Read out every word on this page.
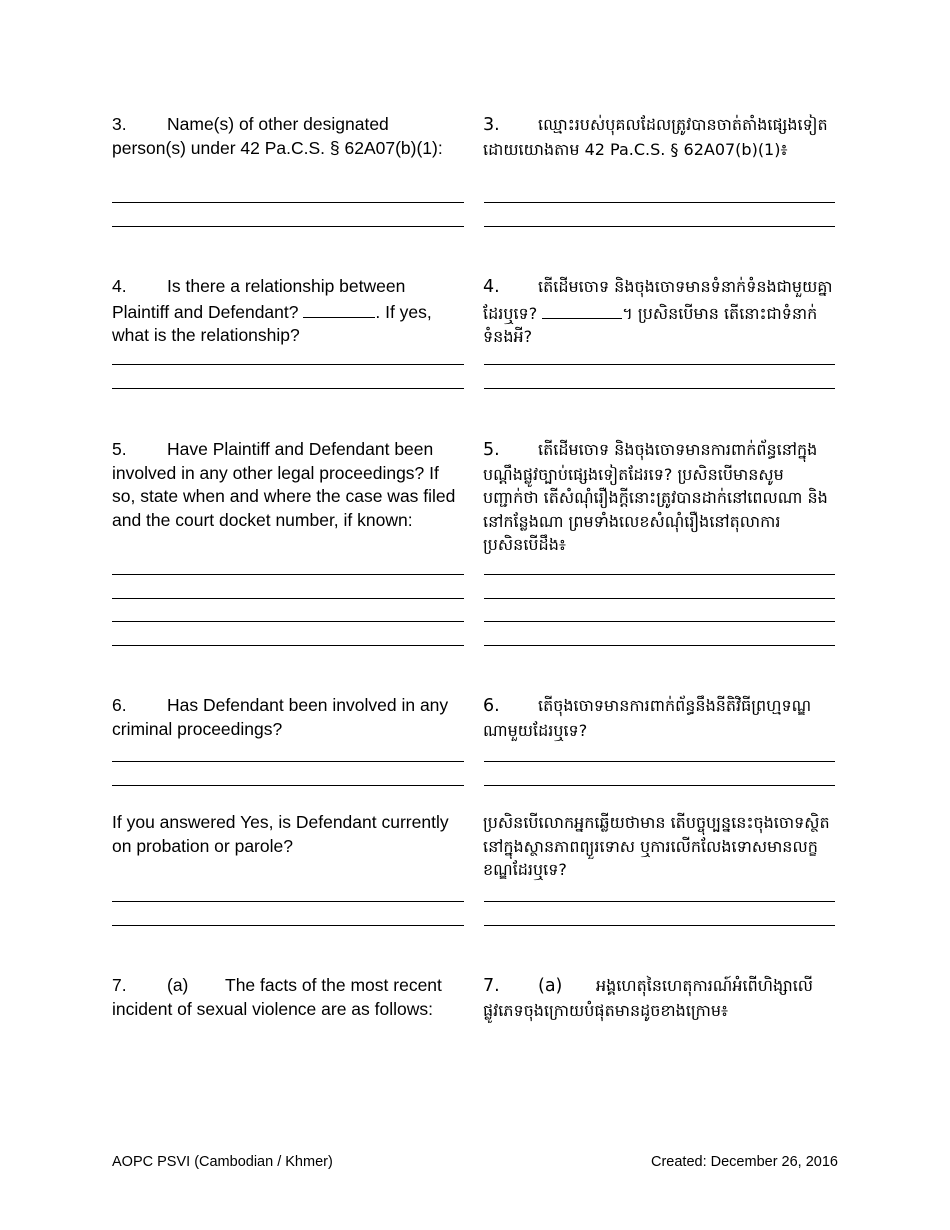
3. Name(s) of other designated person(s) under 42 Pa.C.S. § 62A07(b)(1):
3. ឈ្មោះរបស់បុគលដែលត្រូវបានចាត់តាំងផ្សេងទៀត ដោយយោងតាម 42 Pa.C.S. § 62A07(b)(1)៖
4. Is there a relationship between Plaintiff and Defendant?	. If yes, what is the relationship?
4. តើដើមចោទ និងចុងចោទមានទំនាក់ទំនងជាមួយគ្នាដែរឬទេ?	។ ប្រសិនបើមាន តើនោះជាទំនាក់ទំនងអី?
5. Have Plaintiff and Defendant been involved in any other legal proceedings? If so, state when and where the case was filed and the court docket number, if known:
5. តើដើមចោទ និងចុងចោទមានការពាក់ព័ន្ធនៅក្នុងបណ្តឹងផ្លូវច្បាប់ផ្សេងទៀតដែរទេ? ប្រសិនបើមានសូមបញ្ជាក់ថា តើសំណុំរឿងក្តីនោះត្រូវបានដាក់នៅពេលណា និងនៅកន្លែងណា ព្រមទាំងលេខសំណុំរឿងនៅតុលាការ ប្រសិនបើដឹង៖
6. Has Defendant been involved in any criminal proceedings?
6. តើចុងចោទមានការពាក់ព័ន្ធនឹងនីតិវិធីព្រហ្មទណ្ឌណាមួយដែរឬទេ?
If you answered Yes, is Defendant currently on probation or parole?
ប្រសិនបើលោកអ្នកឆ្លើយថាមាន តើបច្ចុប្បន្ននេះចុងចោទស្ថិតនៅក្នុងស្ថានភាពព្យួរទោស ឬការលើកលែងទោសមានលក្ខខណ្ឌដែរឬទេ?
7. (a) The facts of the most recent incident of sexual violence are as follows:
7. (a) អង្គហេតុនៃហេតុការណ៍អំពើហិង្សាលើផ្លូវភេទចុងក្រោយបំផុតមានដូចខាងក្រោម៖
AOPC PSVI (Cambodian / Khmer)	Created: December 26, 2016
